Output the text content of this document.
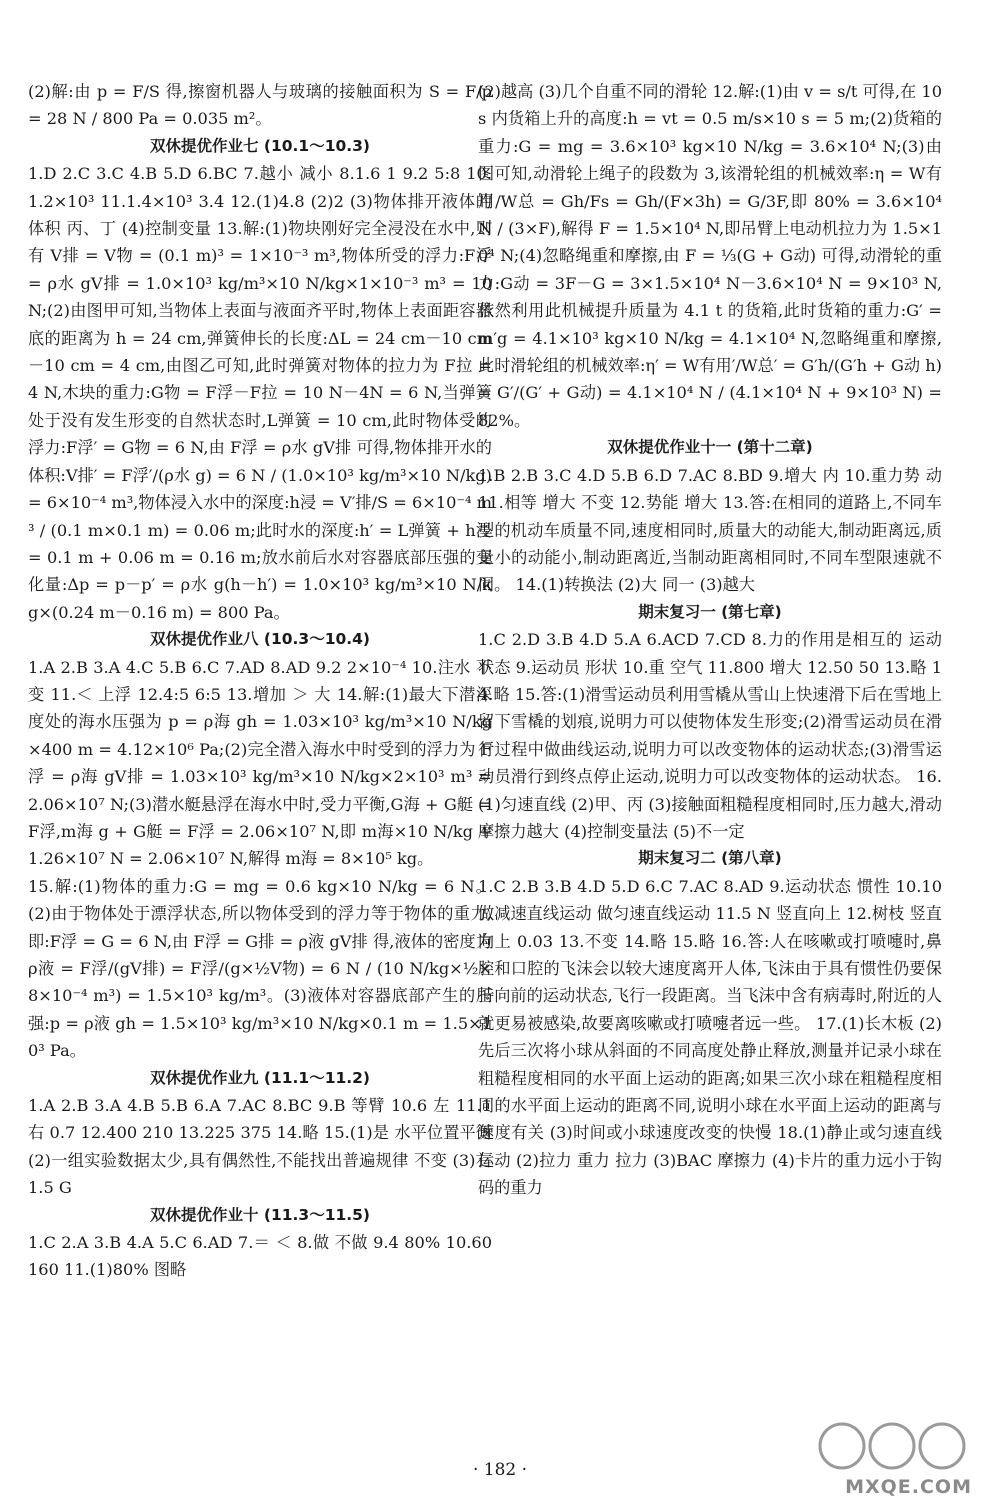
(2)解:由 p = F/S 得,擦窗机器人与玻璃的接触面积为 S = F/p = 28 N / 800 Pa = 0.035 m²。

双休提优作业七 (10.1～10.3)

1.D 2.C 3.C 4.B 5.D 6.BC 7.越小 减小 8.1.6 1 9.2 5:8 10.1.2×10³ 11.1.4×10³ 3.4 12.(1)4.8 (2)2 (3)物体排开液体的体积 丙、丁 (4)控制变量 13.解:(1)物块刚好完全浸没在水中,则有 V排 = V物 = (0.1 m)³ = 1×10⁻³ m³,物体所受的浮力:F浮 = ρ水 gV排 = 1.0×10³ kg/m³×10 N/kg×1×10⁻³ m³ = 10 N;(2)由图甲可知,当物体上表面与液面齐平时,物体上表面距容器底的距离为 h = 24 cm,弹簧伸长的长度:ΔL = 24 cm－10 cm－10 cm = 4 cm,由图乙可知,此时弹簧对物体的拉力为 F拉 = 4 N,木块的重力:G物 = F浮－F拉 = 10 N－4N = 6 N,当弹簧处于没有发生形变的自然状态时,L弹簧 = 10 cm,此时物体受的浮力:F浮′ = G物 = 6 N,由 F浮 = ρ水 gV排 可得,物体排开水的体积:V排′ = F浮′/(ρ水 g) = 6 N / (1.0×10³ kg/m³×10 N/kg) = 6×10⁻⁴ m³,物体浸入水中的深度:h浸 = V′排/S = 6×10⁻⁴ m³ / (0.1 m×0.1 m) = 0.06 m;此时水的深度:h′ = L弹簧 + h浸 = 0.1 m + 0.06 m = 0.16 m;放水前后水对容器底部压强的变化量:Δp = p－p′ = ρ水 g(h－h′) = 1.0×10³ kg/m³×10 N/kg×(0.24 m－0.16 m) = 800 Pa。

双休提优作业八 (10.3～10.4)

1.A 2.B 3.A 4.C 5.B 6.C 7.AD 8.AD 9.2 2×10⁻⁴ 10.注水 不变 11.＜ 上浮 12.4:5 6:5 13.增加 ＞ 大 14.解:(1)最大下潜深度处的海水压强为 p = ρ海 gh = 1.03×10³ kg/m³×10 N/kg×400 m = 4.12×10⁶ Pa;(2)完全潜入海水中时受到的浮力为 F浮 = ρ海 gV排 = 1.03×10³ kg/m³×10 N/kg×2×10³ m³ = 2.06×10⁷ N;(3)潜水艇悬浮在海水中时,受力平衡,G海 + G艇 = F浮,m海 g + G艇 = F浮 = 2.06×10⁷ N,即 m海×10 N/kg + 1.26×10⁷ N = 2.06×10⁷ N,解得 m海 = 8×10⁵ kg。

15.解:(1)物体的重力:G = mg = 0.6 kg×10 N/kg = 6 N。(2)由于物体处于漂浮状态,所以物体受到的浮力等于物体的重力,即:F浮 = G = 6 N,由 F浮 = G排 = ρ液 gV排 得,液体的密度为 ρ液 = F浮/(gV排) = F浮/(g×½V物) = 6 N / (10 N/kg×½×8×10⁻⁴ m³) = 1.5×10³ kg/m³。(3)液体对容器底部产生的压强:p = ρ液 gh = 1.5×10³ kg/m³×10 N/kg×0.1 m = 1.5×10³ Pa。

双休提优作业九 (11.1～11.2)

1.A 2.B 3.A 4.B 5.B 6.A 7.AC 8.BC 9.B 等臂 10.6 左 11.1 右 0.7 12.400 210 13.225 375 14.略 15.(1)是 水平位置平衡 (2)一组实验数据太少,具有偶然性,不能找出普遍规律 不变 (3)右 1.5 G

双休提优作业十 (11.3～11.5)

1.C 2.A 3.B 4.A 5.C 6.AD 7.＝ ＜ 8.做 不做 9.4 80% 10.60 160 11.(1)80% 图略

(2)越高 (3)几个自重不同的滑轮 12.解:(1)由 v = s/t 可得,在 10 s 内货箱上升的高度:h = vt = 0.5 m/s×10 s = 5 m;(2)货箱的重力:G = mg = 3.6×10³ kg×10 N/kg = 3.6×10⁴ N;(3)由图可知,动滑轮上绳子的段数为 3,该滑轮组的机械效率:η = W有用/W总 = Gh/Fs = Gh/(F×3h) = G/3F,即 80% = 3.6×10⁴ N / (3×F),解得 F = 1.5×10⁴ N,即吊臂上电动机拉力为 1.5×10⁴ N;(4)忽略绳重和摩擦,由 F = ⅓(G + G动) 可得,动滑轮的重力:G动 = 3F－G = 3×1.5×10⁴ N－3.6×10⁴ N = 9×10³ N,依然利用此机械提升质量为 4.1 t 的货箱,此时货箱的重力:G′ = m′g = 4.1×10³ kg×10 N/kg = 4.1×10⁴ N,忽略绳重和摩擦,此时滑轮组的机械效率:η′ = W有用′/W总′ = G′h/(G′h + G动 h) = G′/(G′ + G动) = 4.1×10⁴ N / (4.1×10⁴ N + 9×10³ N) = 82%。

双休提优作业十一 (第十二章)

1.B 2.B 3.C 4.D 5.B 6.D 7.AC 8.BD 9.增大 内 10.重力势 动 11.相等 增大 不变 12.势能 增大 13.答:在相同的道路上,不同车型的机动车质量不同,速度相同时,质量大的动能大,制动距离远,质量小的动能小,制动距离近,当制动距离相同时,不同车型限速就不同。 14.(1)转换法 (2)大 同一 (3)越大

期末复习一 (第七章)

1.C 2.D 3.B 4.D 5.A 6.ACD 7.CD 8.力的作用是相互的 运动状态 9.运动员 形状 10.重 空气 11.800 增大 12.50 50 13.略 14.略 15.答:(1)滑雪运动员利用雪橇从雪山上快速滑下后在雪地上留下雪橇的划痕,说明力可以使物体发生形变;(2)滑雪运动员在滑行过程中做曲线运动,说明力可以改变物体的运动状态;(3)滑雪运动员滑行到终点停止运动,说明力可以改变物体的运动状态。 16.(1)匀速直线 (2)甲、丙 (3)接触面粗糙程度相同时,压力越大,滑动摩擦力越大 (4)控制变量法 (5)不一定

期末复习二 (第八章)

1.C 2.B 3.B 4.D 5.D 6.C 7.AC 8.AD 9.运动状态 惯性 10.10 做减速直线运动 做匀速直线运动 11.5 N 竖直向上 12.树枝 竖直向上 0.03 13.不变 14.略 15.略 16.答:人在咳嗽或打喷嚏时,鼻腔和口腔的飞沫会以较大速度离开人体,飞沫由于具有惯性仍要保持向前的运动状态,飞行一段距离。当飞沫中含有病毒时,附近的人就更易被感染,故要离咳嗽或打喷嚏者远一些。 17.(1)长木板 (2)先后三次将小球从斜面的不同高度处静止释放,测量并记录小球在粗糙程度相同的水平面上运动的距离;如果三次小球在粗糙程度相同的水平面上运动的距离不同,说明小球在水平面上运动的距离与速度有关 (3)时间或小球速度改变的快慢 18.(1)静止或匀速直线运动 (2)拉力 重力 拉力 (3)BAC 摩擦力 (4)卡片的重力远小于钩码的重力

· 182 ·
MXQE.COM
